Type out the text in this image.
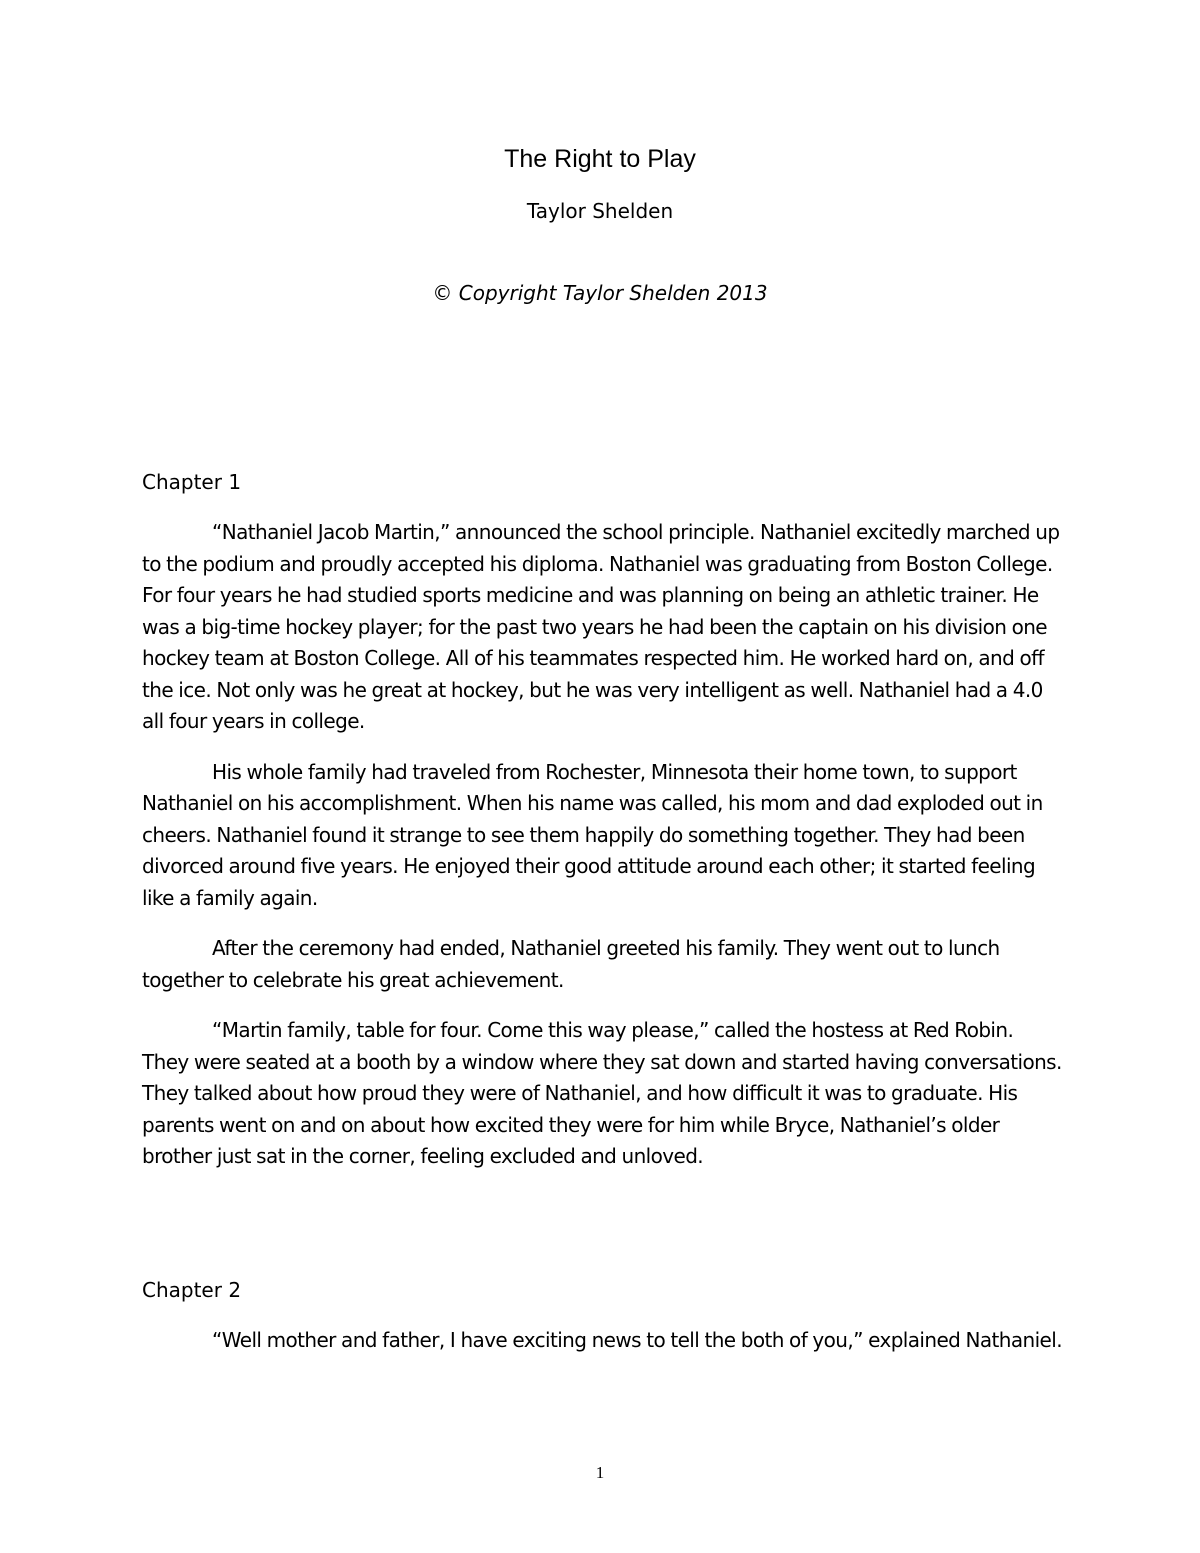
The Right to Play
Taylor Shelden
© Copyright Taylor Shelden 2013
Chapter 1

“Nathaniel Jacob Martin,” announced the school principle. Nathaniel excitedly marched up to the podium and proudly accepted his diploma. Nathaniel was graduating from Boston College. For four years he had studied sports medicine and was planning on being an athletic trainer. He was a big-time hockey player; for the past two years he had been the captain on his division one hockey team at Boston College. All of his teammates respected him. He worked hard on, and off the ice. Not only was he great at hockey, but he was very intelligent as well. Nathaniel had a 4.0 all four years in college.

His whole family had traveled from Rochester, Minnesota their home town, to support Nathaniel on his accomplishment. When his name was called, his mom and dad exploded out in cheers. Nathaniel found it strange to see them happily do something together. They had been divorced around five years. He enjoyed their good attitude around each other; it started feeling like a family again.

After the ceremony had ended, Nathaniel greeted his family. They went out to lunch together to celebrate his great achievement.

“Martin family, table for four. Come this way please,” called the hostess at Red Robin. They were seated at a booth by a window where they sat down and started having conversations. They talked about how proud they were of Nathaniel, and how difficult it was to graduate. His parents went on and on about how excited they were for him while Bryce, Nathaniel’s older brother just sat in the corner, feeling excluded and unloved.

Chapter 2

“Well mother and father, I have exciting news to tell the both of you,” explained Nathaniel.

1
